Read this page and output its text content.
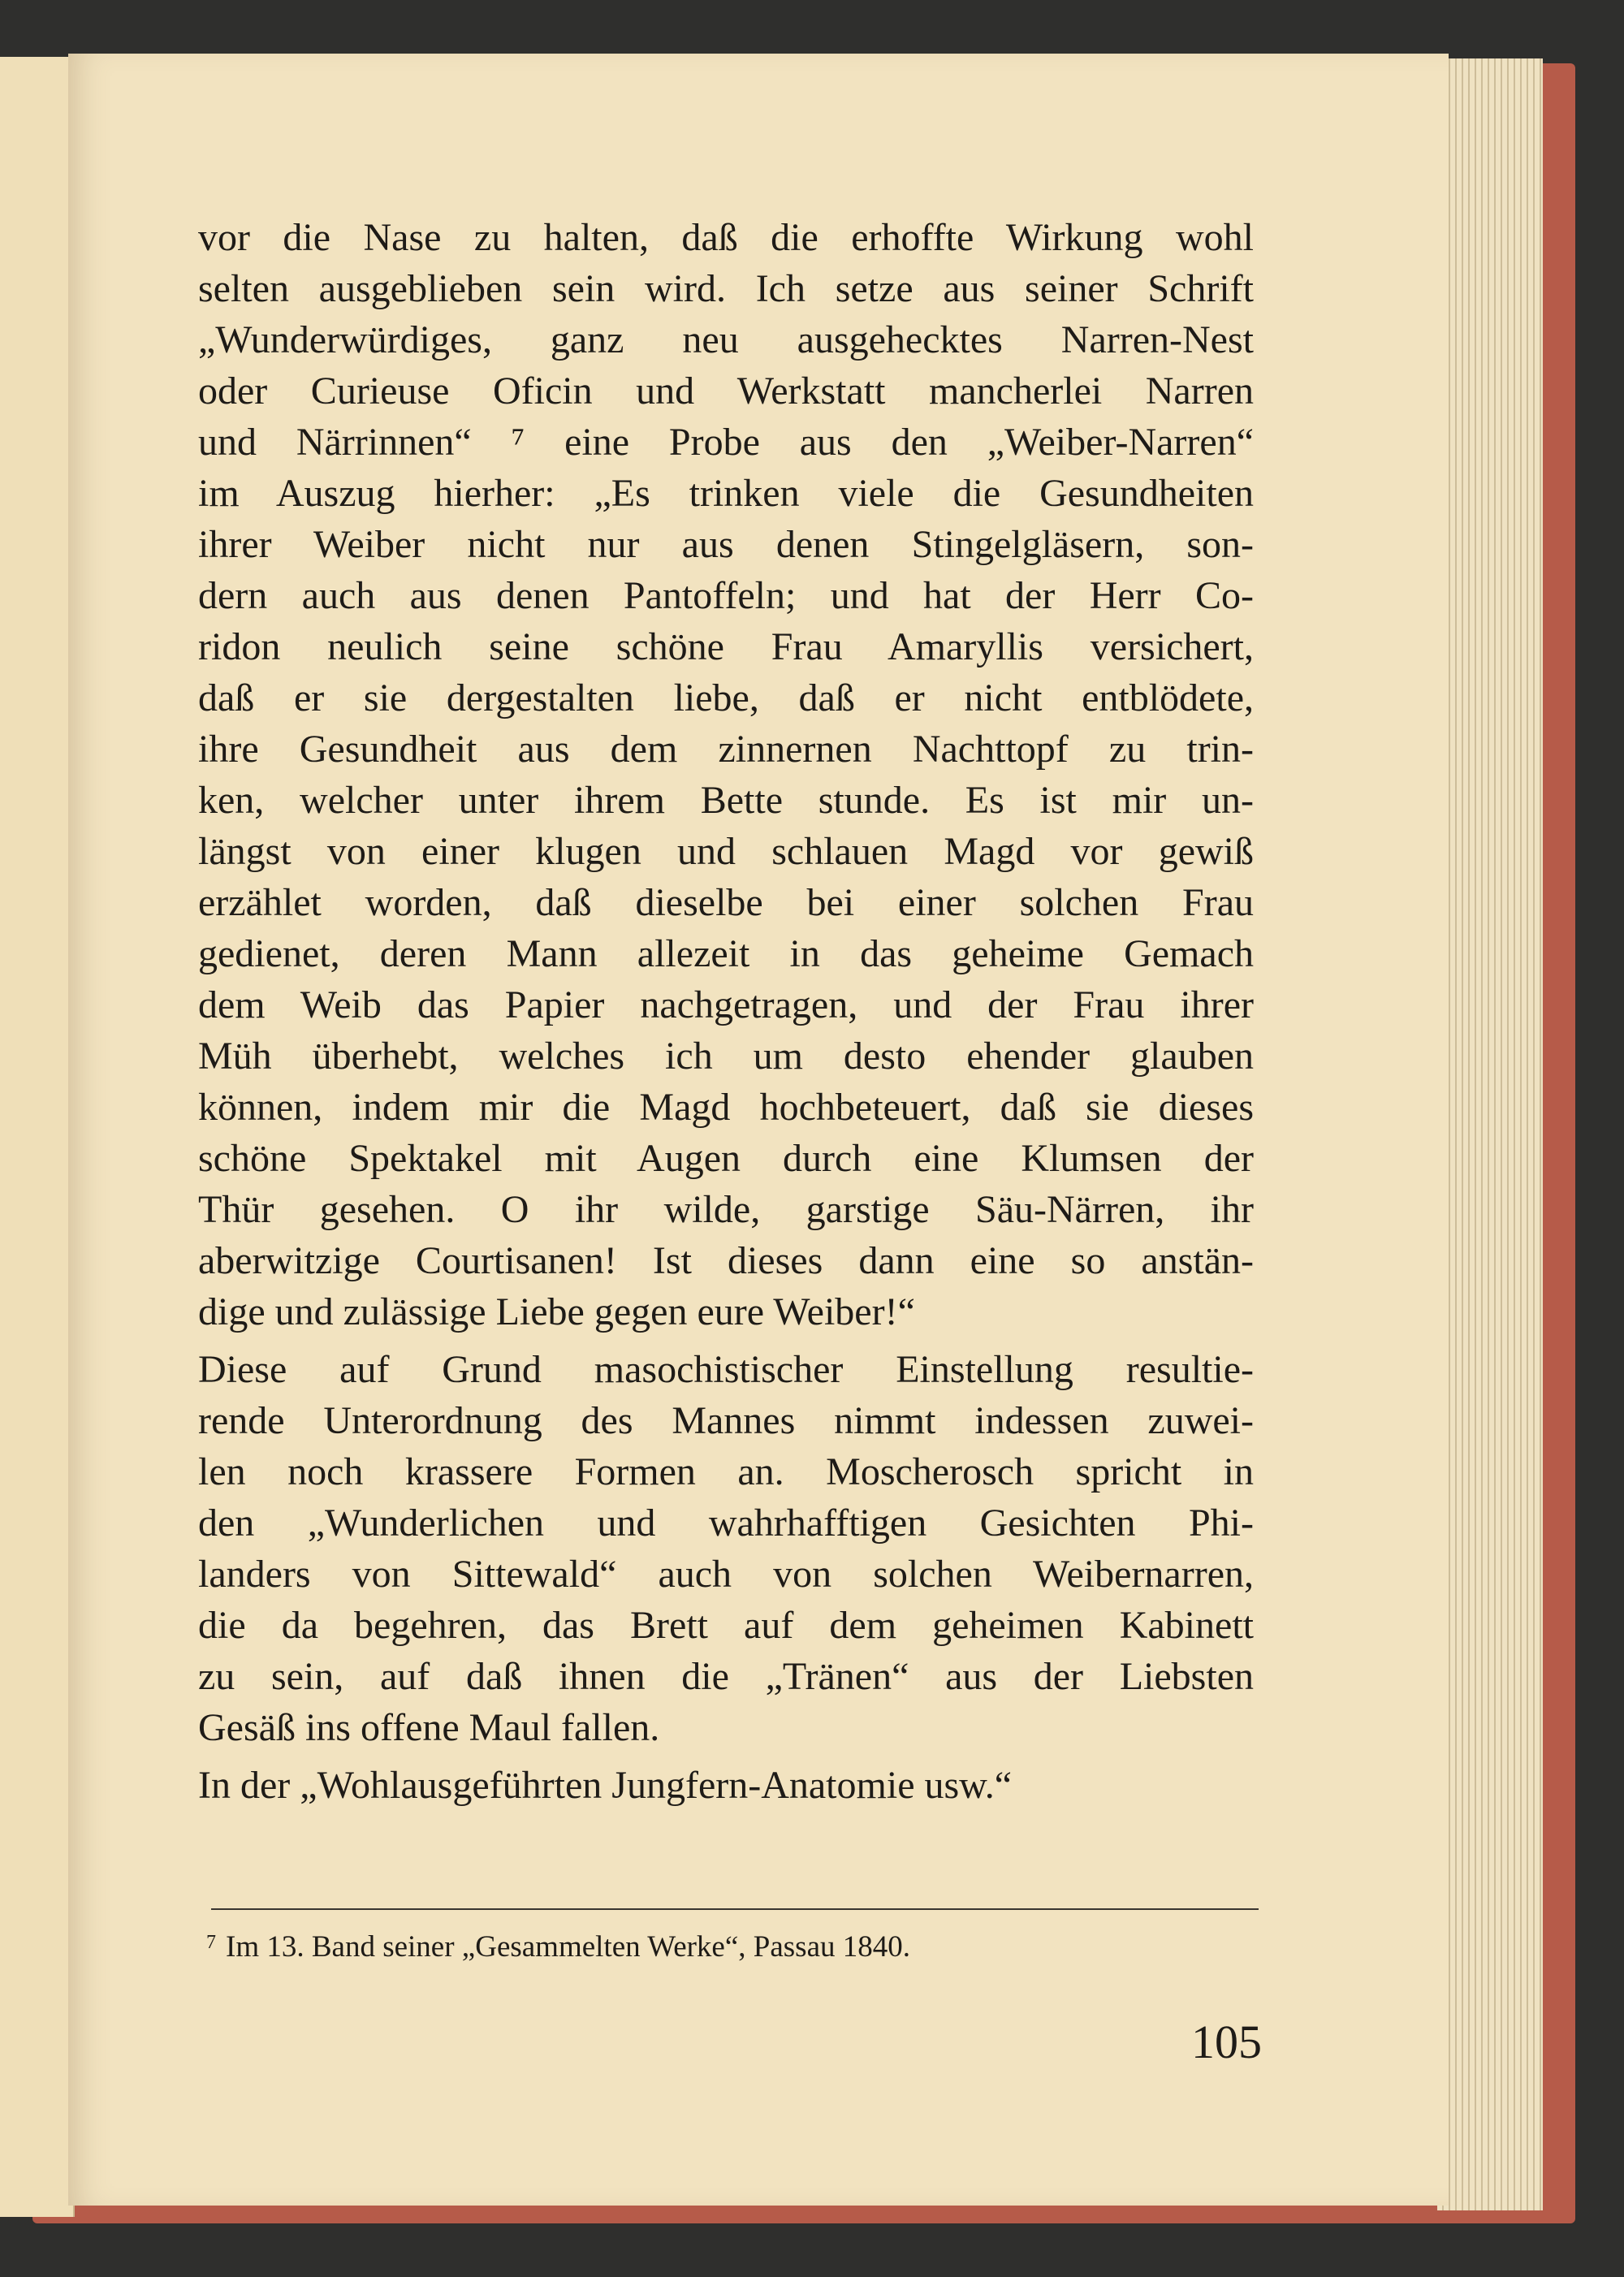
vor die Nase zu halten, daß die erhoffte Wirkung wohl
selten ausgeblieben sein wird. Ich setze aus seiner Schrift
„Wunderwürdiges, ganz neu ausgehecktes Narren-Nest
oder Curieuse Oficin und Werkstatt mancherlei Narren
und Närrinnen“ ⁷ eine Probe aus den „Weiber-Narren“
im Auszug hierher: „Es trinken viele die Gesundheiten
ihrer Weiber nicht nur aus denen Stingelgläsern, son-
dern auch aus denen Pantoffeln; und hat der Herr Co-
ridon neulich seine schöne Frau Amaryllis versichert,
daß er sie dergestalten liebe, daß er nicht entblödete,
ihre Gesundheit aus dem zinnernen Nachttopf zu trin-
ken, welcher unter ihrem Bette stunde. Es ist mir un-
längst von einer klugen und schlauen Magd vor gewiß
erzählet worden, daß dieselbe bei einer solchen Frau
gedienet, deren Mann allezeit in das geheime Gemach
dem Weib das Papier nachgetragen, und der Frau ihrer
Müh überhebt, welches ich um desto ehender glauben
können, indem mir die Magd hochbeteuert, daß sie dieses
schöne Spektakel mit Augen durch eine Klumsen der
Thür gesehen. O ihr wilde, garstige Säu-Närren, ihr
aberwitzige Courtisanen! Ist dieses dann eine so anstän-
dige und zulässige Liebe gegen eure Weiber!“
Diese auf Grund masochistischer Einstellung resultie-
rende Unterordnung des Mannes nimmt indessen zuwei-
len noch krassere Formen an. Moscherosch spricht in
den „Wunderlichen und wahrhafftigen Gesichten Phi-
landers von Sittewald“ auch von solchen Weibernarren,
die da begehren, das Brett auf dem geheimen Kabinett
zu sein, auf daß ihnen die „Tränen“ aus der Liebsten
Gesäß ins offene Maul fallen.
In der „Wohlausgeführten Jungfern-Anatomie usw.“
$^7$ Im 13. Band seiner „Gesammelten Werke“, Passau 1840.
105
